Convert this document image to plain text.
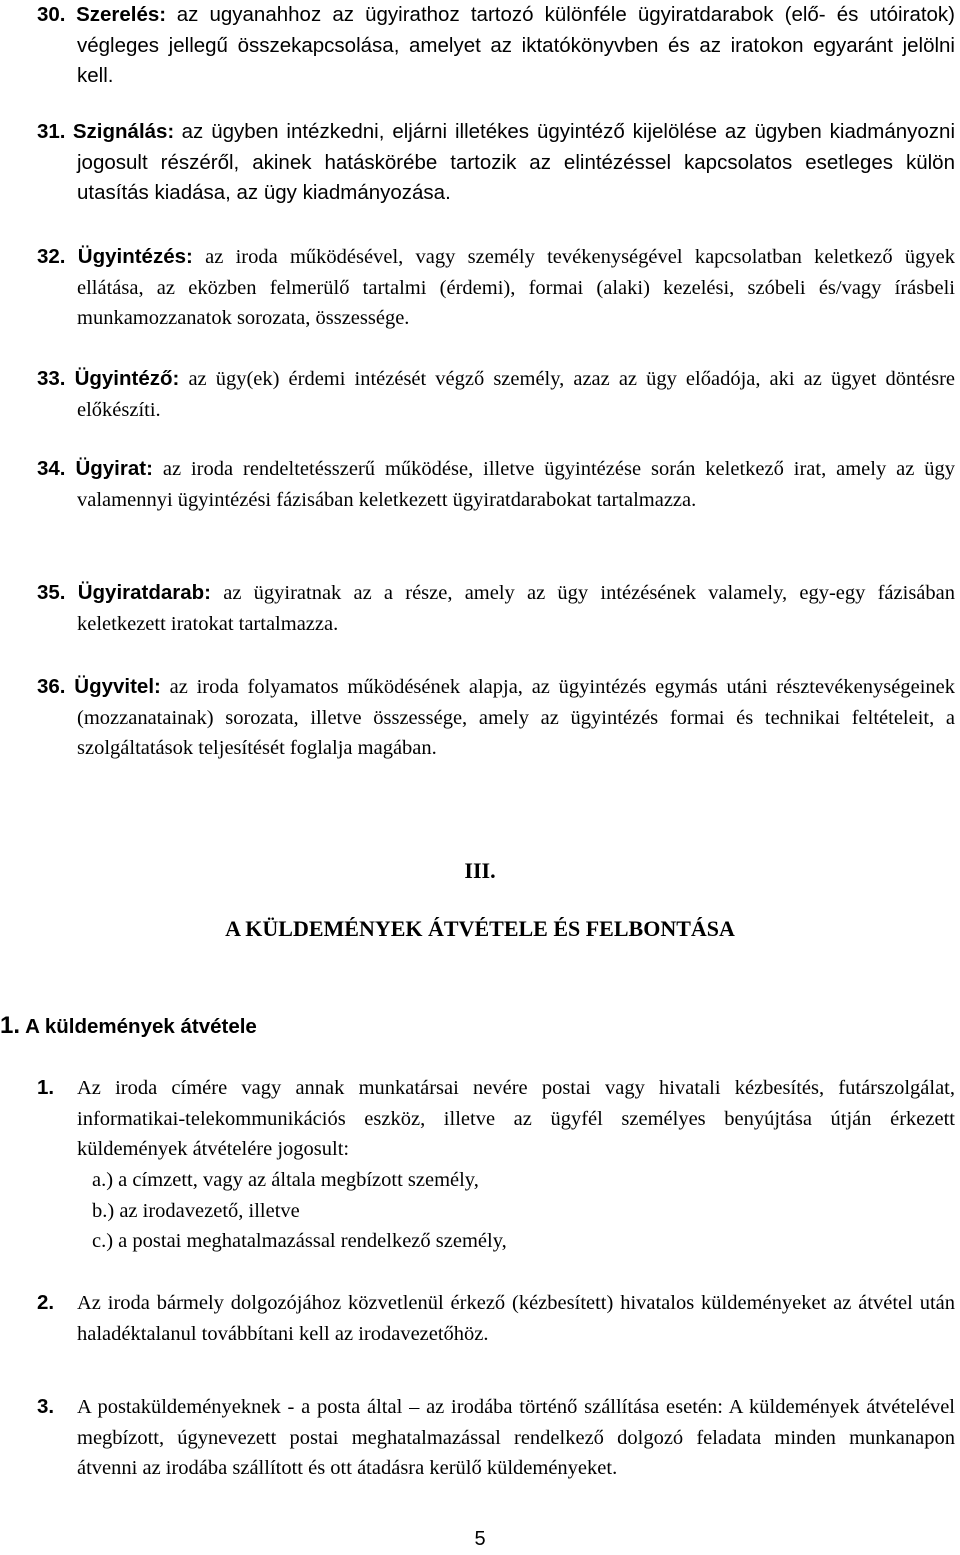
30. Szerelés: az ugyanahhoz az ügyirathoz tartozó különféle ügyiratdarabok (elő- és utóiratok) végleges jellegű összekapcsolása, amelyet az iktatókönyvben és az iratokon egyaránt jelölni kell.

31. Szignálás: az ügyben intézkedni, eljárni illetékes ügyintéző kijelölése az ügyben kiadmányozni jogosult részéről, akinek hatáskörébe tartozik az elintézéssel kapcsolatos esetleges külön utasítás kiadása, az ügy kiadmányozása.

32. Ügyintézés: az iroda működésével, vagy személy tevékenységével kapcsolatban keletkező ügyek ellátása, az eközben felmerülő tartalmi (érdemi), formai (alaki) kezelési, szóbeli és/vagy írásbeli munkamozzanatok sorozata, összessége.

33. Ügyintéző: az ügy(ek) érdemi intézését végző személy, azaz az ügy előadója, aki az ügyet döntésre előkészíti.

34. Ügyirat: az iroda rendeltetésszerű működése, illetve ügyintézése során keletkező irat, amely az ügy valamennyi ügyintézési fázisában keletkezett ügyiratdarabokat tartalmazza.

35. Ügyiratdarab: az ügyiratnak az a része, amely az ügy intézésének valamely, egy-egy fázisában keletkezett iratokat tartalmazza.

36. Ügyvitel: az iroda folyamatos működésének alapja, az ügyintézés egymás utáni résztevékenységeinek (mozzanatainak) sorozata, illetve összessége, amely az ügyintézés formai és technikai feltételeit, a szolgáltatások teljesítését foglalja magában.

III.
A KÜLDEMÉNYEK ÁTVÉTELE ÉS FELBONTÁSA

1. A küldemények átvétele

1. Az iroda címére vagy annak munkatársai nevére postai vagy hivatali kézbesítés, futárszolgálat, informatikai-telekommunikációs eszköz, illetve az ügyfél személyes benyújtása útján érkezett küldemények átvételére jogosult:

a.) a címzett, vagy az általa megbízott személy,

b.) az irodavezető, illetve

c.) a postai meghatalmazással rendelkező személy,

2. Az iroda bármely dolgozójához közvetlenül érkező (kézbesített) hivatalos küldeményeket az átvétel után haladéktalanul továbbítani kell az irodavezetőhöz.

3. A postaküldeményeknek - a posta által – az irodába történő szállítása esetén: A küldemények átvételével megbízott, úgynevezett postai meghatalmazással rendelkező dolgozó feladata minden munkanapon átvenni az irodába szállított és ott átadásra kerülő küldeményeket.

5
